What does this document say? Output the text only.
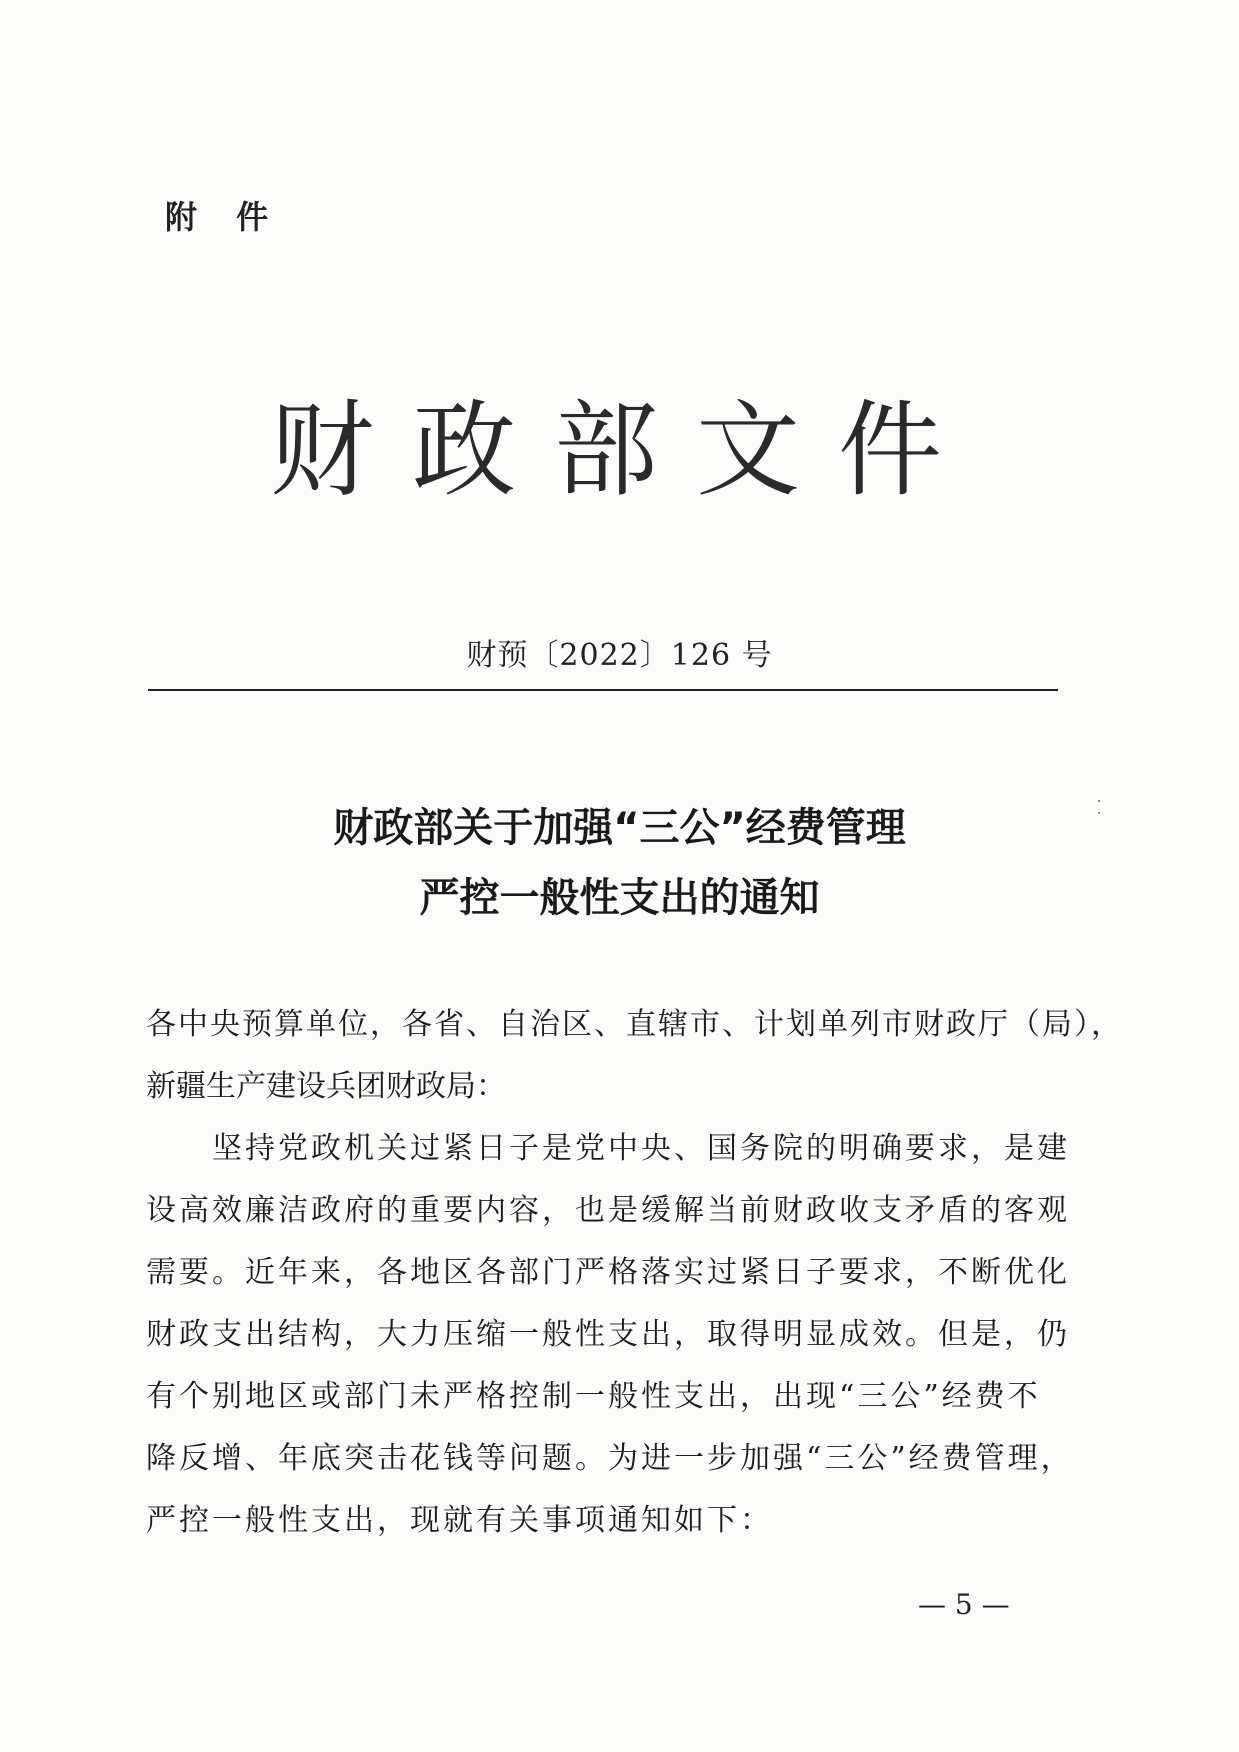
附 件
财政部文件
财预〔2022〕126 号
财政部关于加强“三公”经费管理
严控一般性支出的通知
各中央预算单位，各省、自治区、直辖市、计划单列市财政厅（局），
新疆生产建设兵团财政局：
　　坚持党政机关过紧日子是党中央、国务院的明确要求，是建
设高效廉洁政府的重要内容，也是缓解当前财政收支矛盾的客观
需要。近年来，各地区各部门严格落实过紧日子要求，不断优化
财政支出结构，大力压缩一般性支出，取得明显成效。但是，仍
有个别地区或部门未严格控制一般性支出，出现“三公”经费不
降反增、年底突击花钱等问题。为进一步加强“三公”经费管理，
严控一般性支出，现就有关事项通知如下：
— 5 —
